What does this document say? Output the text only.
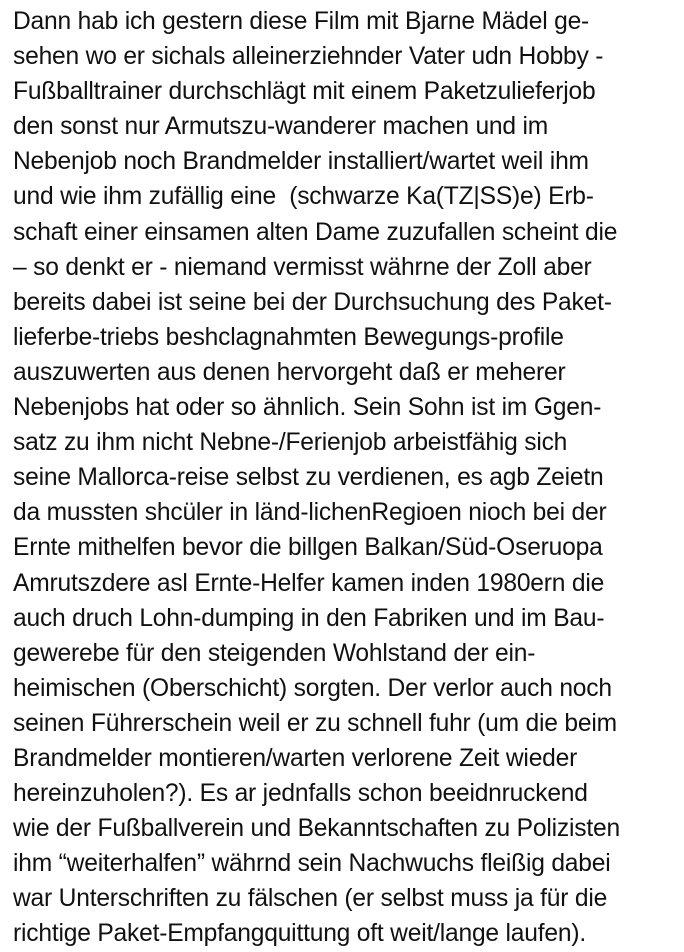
Dann hab ich gestern diese Film mit Bjarne Mädel ge-
sehen wo er sichals alleinerziehnder Vater udn Hobby -
Fußballtrainer durchschlägt mit einem Paketzulieferjob
den sonst nur Armutszu-wanderer machen und im
Nebenjob noch Brandmelder installiert/wartet weil ihm
und wie ihm zufällig eine  (schwarze Ka(TZ|SS)e) Erb-
schaft einer einsamen alten Dame zuzufallen scheint die
– so denkt er - niemand vermisst währne der Zoll aber
bereits dabei ist seine bei der Durchsuchung des Paket-
lieferbe-triebs beshclagnahmten Bewegungs-profile
auszuwerten aus denen hervorgeht daß er meherer
Nebenjobs hat oder so ähnlich. Sein Sohn ist im Ggen-
satz zu ihm nicht Nebne-/Ferienjob arbeistfähig sich
seine Mallorca-reise selbst zu verdienen, es agb Zeietn
da mussten shcüler in länd-lichenRegioen nioch bei der
Ernte mithelfen bevor die billgen Balkan/Süd-Oseruopa
Amrutszdere asl Ernte-Helfer kamen inden 1980ern die
auch druch Lohn-dumping in den Fabriken und im Bau-
gewerebe für den steigenden Wohlstand der ein-
heimischen (Oberschicht) sorgten. Der verlor auch noch
seinen Führerschein weil er zu schnell fuhr (um die beim
Brandmelder montieren/warten verlorene Zeit wieder
hereinzuholen?). Es ar jednfalls schon beeidnruckend
wie der Fußballverein und Bekanntschaften zu Polizisten
ihm “weiterhalfen” währnd sein Nachwuchs fleißig dabei
war Unterschriften zu fälschen (er selbst muss ja für die
richtige Paket-Empfangquittung oft weit/lange laufen).
